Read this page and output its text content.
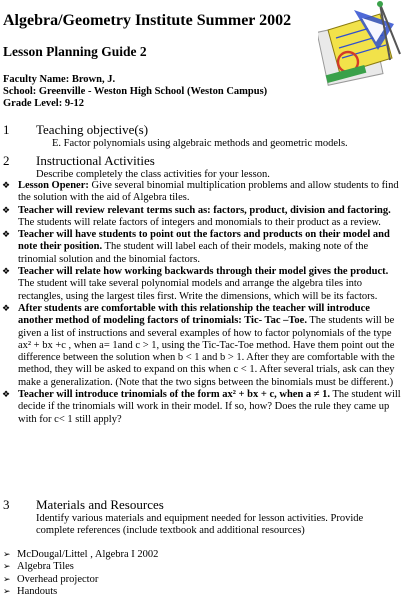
Algebra/Geometry Institute Summer 2002
Lesson Planning Guide 2
Faculty Name: Brown, J.
School: Greenville - Weston High School (Weston Campus)
Grade Level: 9-12
1 Teaching objective(s)
E. Factor polynomials using algebraic methods and geometric models.
2 Instructional Activities
Describe completely the class activities for your lesson.
❖ Lesson Opener: Give several binomial multiplication problems and allow students to find the solution with the aid of Algebra tiles.
❖ Teacher will review relevant terms such as: factors, product, division and factoring. The students will relate factors of integers and monomials to their product as a review.
❖ Teacher will have students to point out the factors and products on their model and note their position. The student will label each of their models, making note of the trinomial solution and the binomial factors.
❖ Teacher will relate how working backwards through their model gives the product. The student will take several polynomial models and arrange the algebra tiles into rectangles, using the largest tiles first. Write the dimensions, which will be its factors.
❖ After students are comfortable with this relationship the teacher will introduce another method of modeling factors of trinomials: Tic- Tac –Toe. The students will be given a list of instructions and several examples of how to factor polynomials of the type ax² + bx +c , when a= 1and c > 1, using the Tic-Tac-Toe method. Have them point out the difference between the solution when b < 1 and b > 1. After they are comfortable with the method, they will be asked to expand on this when c < 1. After several trials, ask can they make a generalization. (Note that the two signs between the binomials must be different.)
❖ Teacher will introduce trinomials of the form ax² + bx + c, when a ≠ 1. The student will decide if the trinomials will work in their model. If so, how? Does the rule they came up with for c< 1 still apply?
3 Materials and Resources
Identify various materials and equipment needed for lesson activities. Provide complete references (include textbook and additional resources)
➢ McDougal/Littel , Algebra I 2002
➢ Algebra Tiles
➢ Overhead projector
➢ Handouts
